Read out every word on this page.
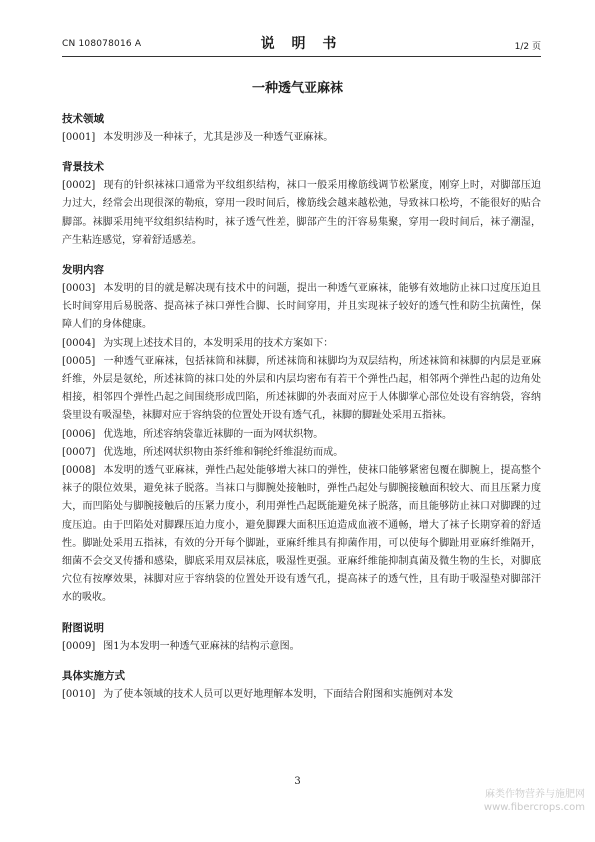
CN 108078016 A	说 明 书	1/2 页
一种透气亚麻袜
技术领域

[0001] 本发明涉及一种袜子，尤其是涉及一种透气亚麻袜。

背景技术

[0002] 现有的针织袜袜口通常为平纹组织结构，袜口一般采用橡筋线调节松紧度，刚穿上时，对脚部压迫力过大，经常会出现很深的勒痕，穿用一段时间后，橡筋线会越来越松弛，导致袜口松垮，不能很好的贴合脚部。袜脚采用纯平纹组织结构时，袜子透气性差，脚部产生的汗容易集聚，穿用一段时间后，袜子潮湿，产生粘连感觉，穿着舒适感差。

发明内容

[0003] 本发明的目的就是解决现有技术中的问题，提出一种透气亚麻袜，能够有效地防止袜口过度压迫且长时间穿用后易脱落、提高袜子袜口弹性合脚、长时间穿用，并且实现袜子较好的透气性和防尘抗菌性，保障人们的身体健康。

[0004] 为实现上述技术目的，本发明采用的技术方案如下：

[0005] 一种透气亚麻袜，包括袜筒和袜脚，所述袜筒和袜脚均为双层结构，所述袜筒和袜脚的内层是亚麻纤维，外层是氨纶，所述袜筒的袜口处的外层和内层均密布有若干个弹性凸起，相邻两个弹性凸起的边角处相接，相邻四个弹性凸起之间围绕形成凹陷，所述袜脚的外表面对应于人体脚掌心部位处设有容纳袋，容纳袋里设有吸湿垫，袜脚对应于容纳袋的位置处开设有透气孔，袜脚的脚趾处采用五指袜。

[0006] 优选地，所述容纳袋靠近袜脚的一面为网状织物。

[0007] 优选地，所述网状织物由茶纤维和铜纶纤维混纺而成。

[0008] 本发明的透气亚麻袜，弹性凸起处能够增大袜口的弹性，使袜口能够紧密包覆在脚腕上，提高整个袜子的限位效果，避免袜子脱落。当袜口与脚腕处接触时，弹性凸起处与脚腕接触面积较大、而且压紧力度大，而凹陷处与脚腕接触后的压紧力度小，利用弹性凸起既能避免袜子脱落，而且能够防止袜口对脚踝的过度压迫。由于凹陷处对脚踝压迫力度小，避免脚踝大面积压迫造成血液不通畅，增大了袜子长期穿着的舒适性。脚趾处采用五指袜，有效的分开每个脚趾，亚麻纤维具有抑菌作用，可以使每个脚趾用亚麻纤维隔开，细菌不会交叉传播和感染，脚底采用双层袜底，吸湿性更强。亚麻纤维能抑制真菌及微生物的生长，对脚底穴位有按摩效果，袜脚对应于容纳袋的位置处开设有透气孔，提高袜子的透气性，且有助于吸湿垫对脚部汗水的吸收。

附图说明

[0009] 图1为本发明一种透气亚麻袜的结构示意图。

具体实施方式

[0010] 为了使本领域的技术人员可以更好地理解本发明，下面结合附图和实施例对本发

3
麻类作物营养与施肥网
www.fibercrops.com
